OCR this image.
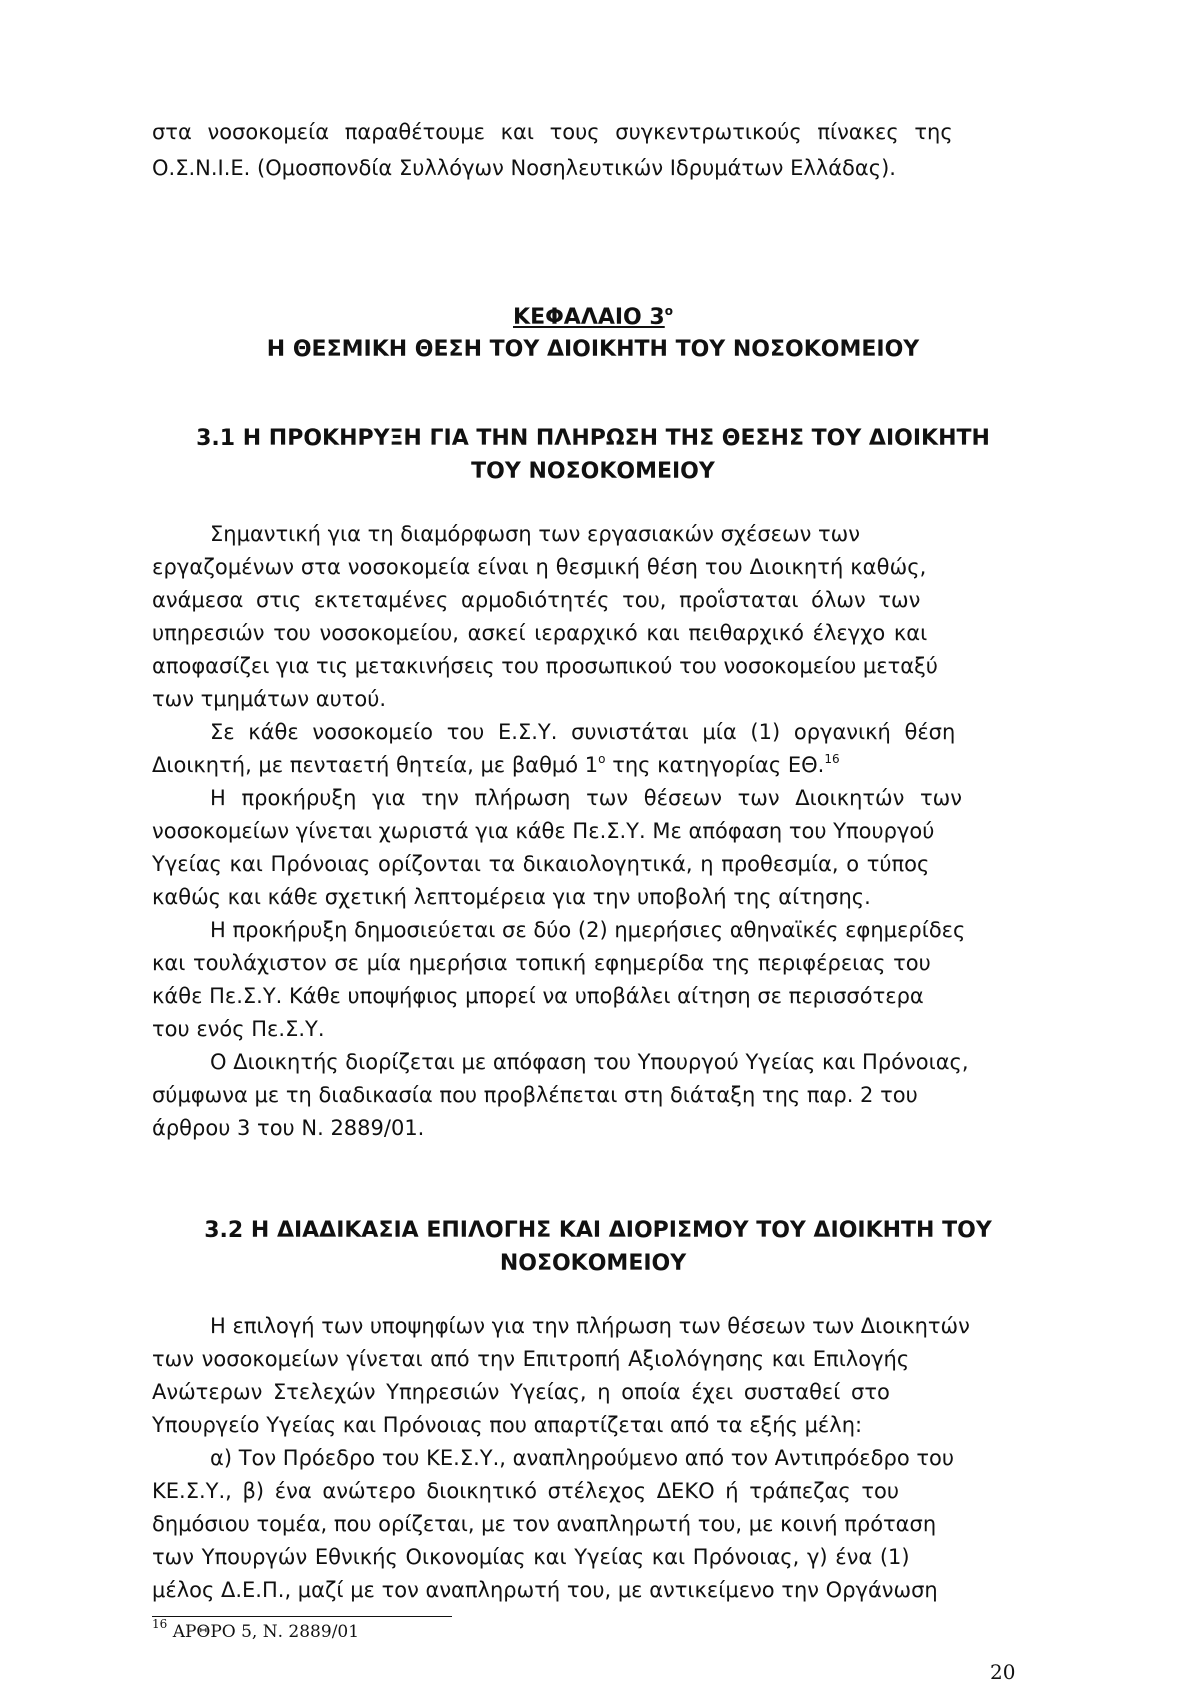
στα νοσοκομεία παραθέτουμε και τους συγκεντρωτικούς πίνακες της
Ο.Σ.Ν.Ι.Ε. (Ομοσπονδία Συλλόγων Νοσηλευτικών Ιδρυμάτων Ελλάδας).
ΚΕΦΑΛΑΙΟ $3^o$
Η ΘΕΣΜΙΚΗ ΘΕΣΗ ΤΟΥ ΔΙΟΙΚΗΤΗ ΤΟΥ ΝΟΣΟΚΟΜΕΙΟΥ
3.1 Η ΠΡΟΚΗΡΥΞΗ ΓΙΑ ΤΗΝ ΠΛΗΡΩΣΗ ΤΗΣ ΘΕΣΗΣ ΤΟΥ ΔΙΟΙΚΗΤΗ
ΤΟΥ ΝΟΣΟΚΟΜΕΙΟΥ
Σημαντική για τη διαμόρφωση των εργασιακών σχέσεων των
εργαζομένων στα νοσοκομεία είναι η θεσμική θέση του Διοικητή καθώς,
ανάμεσα στις εκτεταμένες αρμοδιότητές του, προΐσταται όλων των
υπηρεσιών του νοσοκομείου, ασκεί ιεραρχικό και πειθαρχικό έλεγχο και
αποφασίζει για τις μετακινήσεις του προσωπικού του νοσοκομείου μεταξύ
των τμημάτων αυτού.
Σε κάθε νοσοκομείο του Ε.Σ.Υ. συνιστάται μία (1) οργανική θέση
Διοικητή, με πενταετή θητεία, με βαθμό $1^o$ της κατηγορίας ΕΘ.$^{16}$
Η προκήρυξη για την πλήρωση των θέσεων των Διοικητών των
νοσοκομείων γίνεται χωριστά για κάθε Πε.Σ.Υ. Με απόφαση του Υπουργού
Υγείας και Πρόνοιας ορίζονται τα δικαιολογητικά, η προθεσμία, ο τύπος
καθώς και κάθε σχετική λεπτομέρεια για την υποβολή της αίτησης.
Η προκήρυξη δημοσιεύεται σε δύο (2) ημερήσιες αθηναϊκές εφημερίδες
και τουλάχιστον σε μία ημερήσια τοπική εφημερίδα της περιφέρειας του
κάθε Πε.Σ.Υ. Κάθε υποψήφιος μπορεί να υποβάλει αίτηση σε περισσότερα
του ενός Πε.Σ.Υ.
Ο Διοικητής διορίζεται με απόφαση του Υπουργού Υγείας και Πρόνοιας,
σύμφωνα με τη διαδικασία που προβλέπεται στη διάταξη της παρ. 2 του
άρθρου 3 του Ν. 2889/01.
3.2 Η ΔΙΑΔΙΚΑΣΙΑ ΕΠΙΛΟΓΗΣ ΚΑΙ ΔΙΟΡΙΣΜΟΥ ΤΟΥ ΔΙΟΙΚΗΤΗ ΤΟΥ
ΝΟΣΟΚΟΜΕΙΟΥ
Η επιλογή των υποψηφίων για την πλήρωση των θέσεων των Διοικητών
των νοσοκομείων γίνεται από την Επιτροπή Αξιολόγησης και Επιλογής
Ανώτερων Στελεχών Υπηρεσιών Υγείας, η οποία έχει συσταθεί στο
Υπουργείο Υγείας και Πρόνοιας που απαρτίζεται από τα εξής μέλη:
α) Τον Πρόεδρο του ΚΕ.Σ.Υ., αναπληρούμενο από τον Αντιπρόεδρο του
ΚΕ.Σ.Υ., β) ένα ανώτερο διοικητικό στέλεχος ΔΕΚΟ ή τράπεζας του
δημόσιου τομέα, που ορίζεται, με τον αναπληρωτή του, με κοινή πρόταση
των Υπουργών Εθνικής Οικονομίας και Υγείας και Πρόνοιας, γ) ένα (1)
μέλος Δ.Ε.Π., μαζί με τον αναπληρωτή του, με αντικείμενο την Οργάνωση
$^{16}$ ΑΡΘΡΟ 5, Ν. 2889/01
20
